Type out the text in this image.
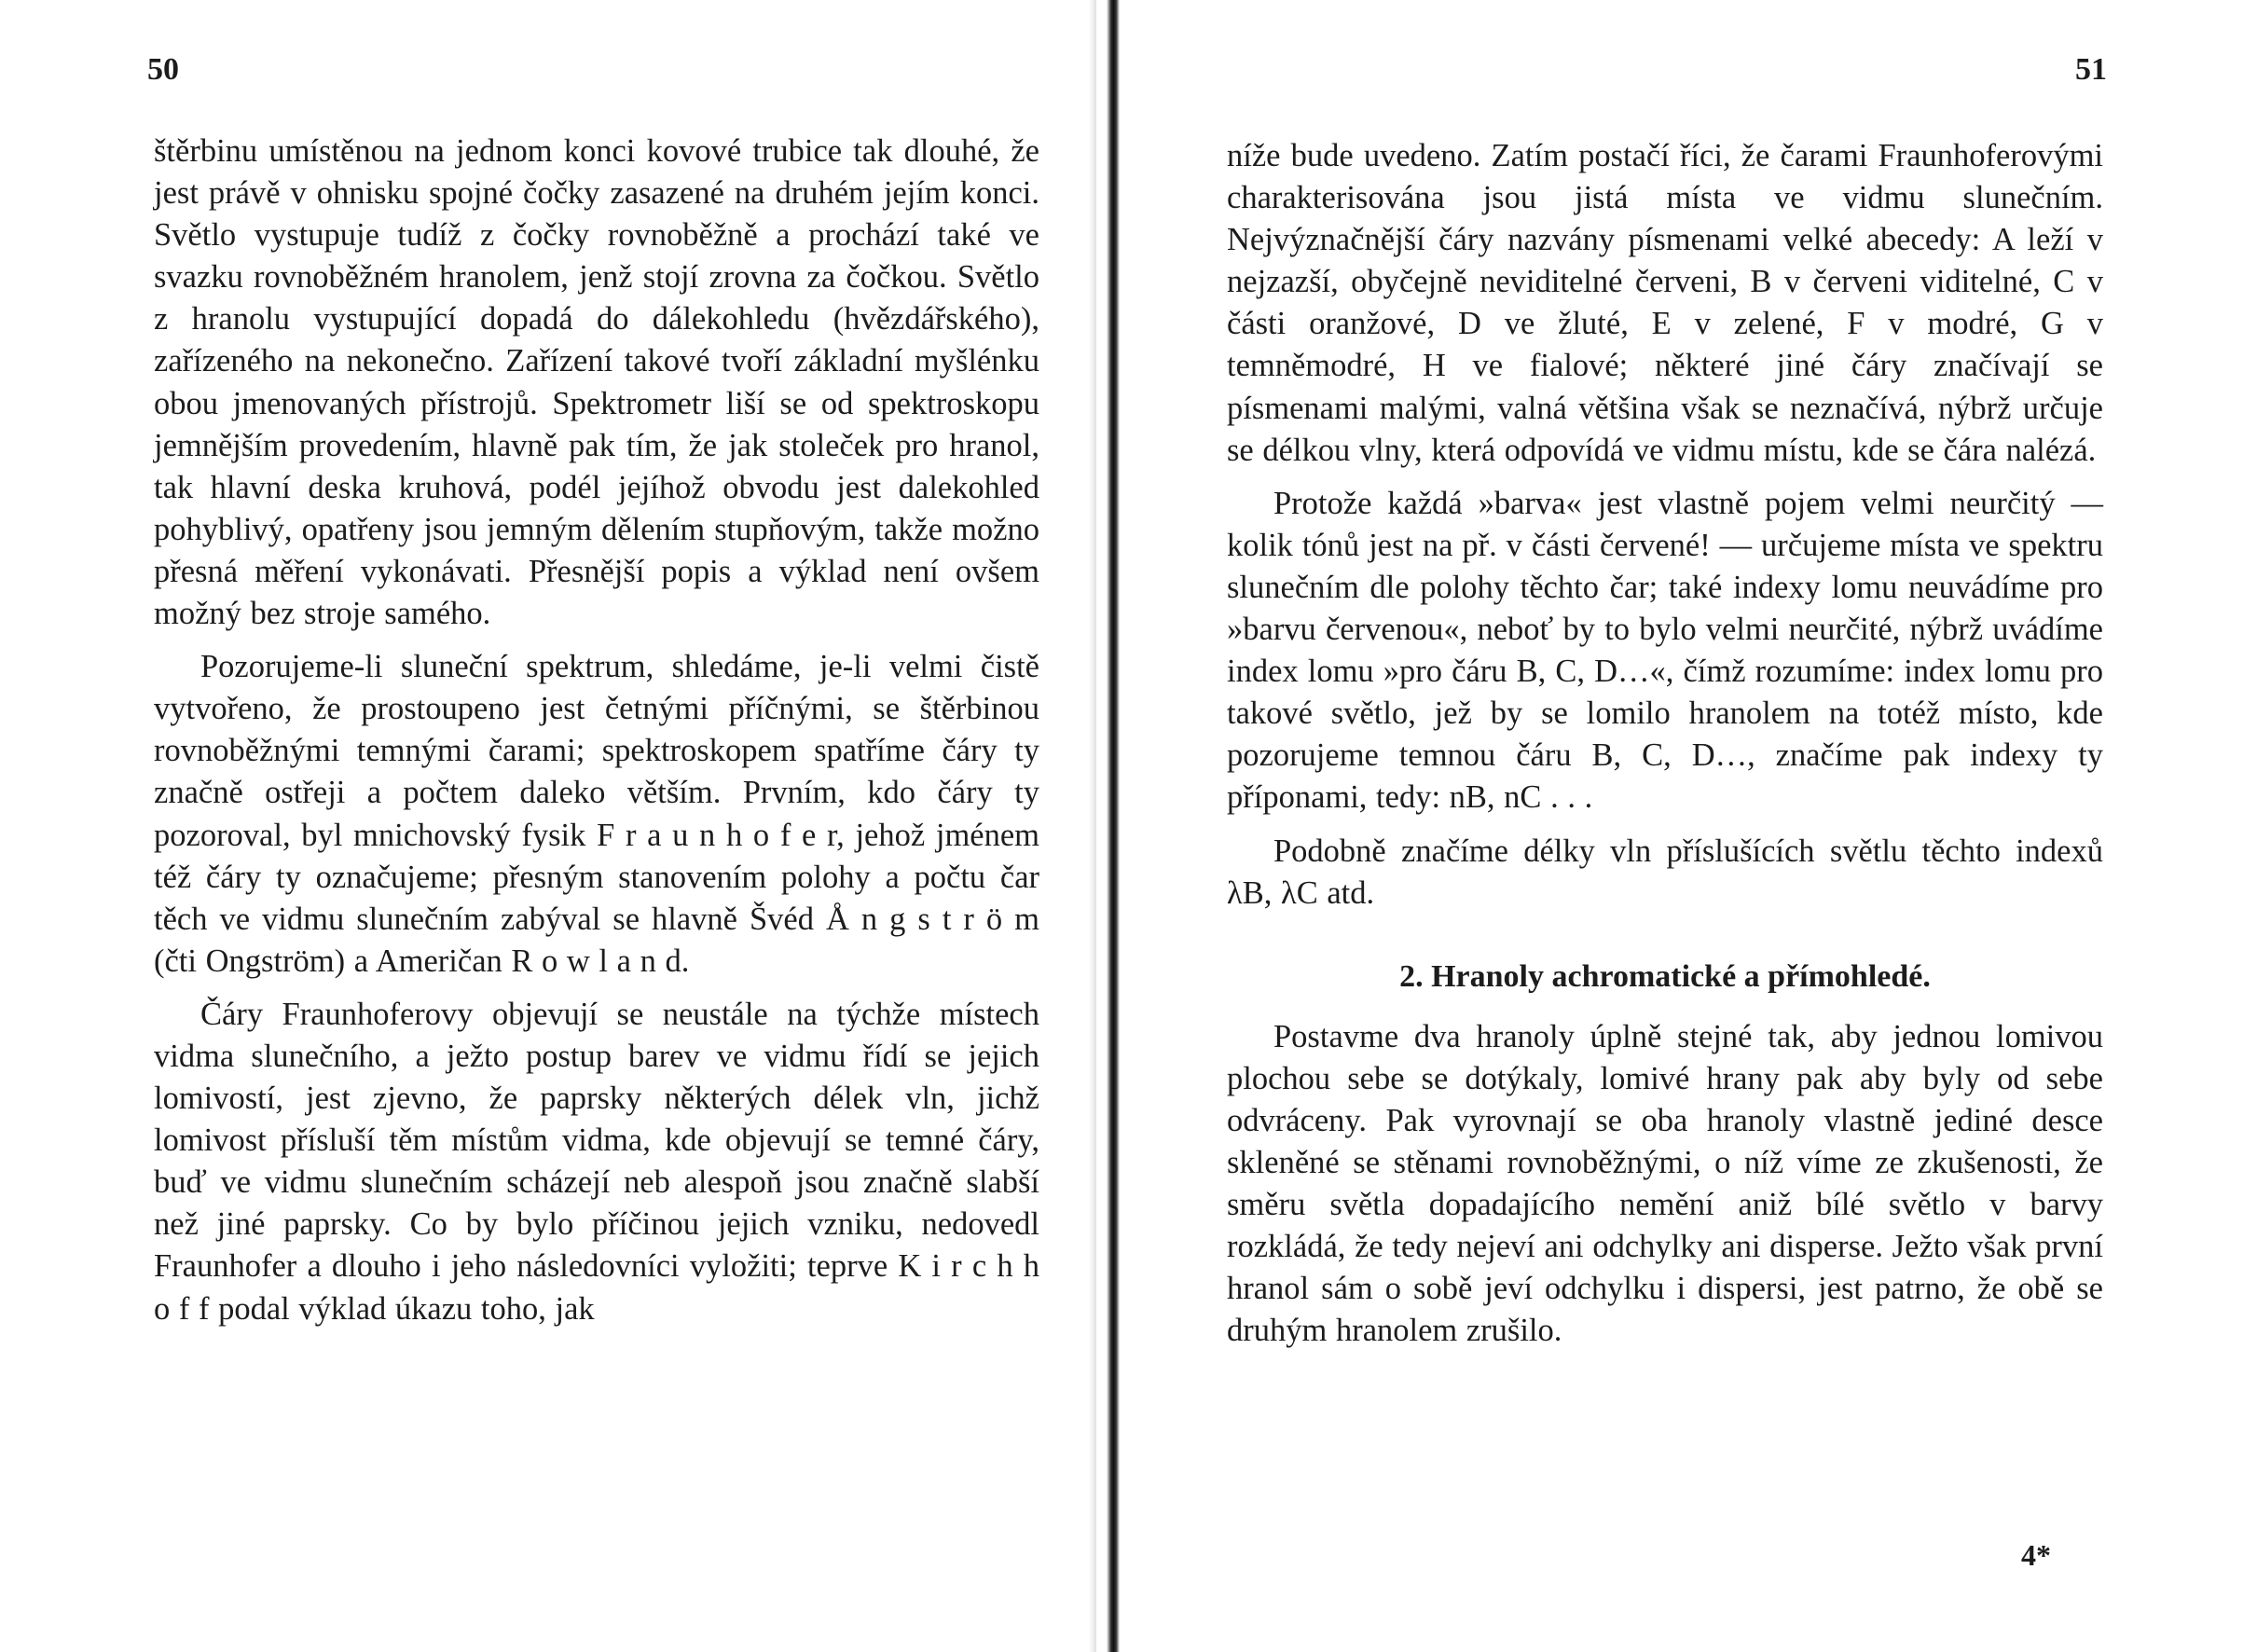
50

štěrbinu umístěnou na jednom konci kovové trubice tak dlouhé, že jest právě v ohnisku spojné čočky zasazené na druhém jejím konci. Světlo vystupuje tudíž z čočky rovnoběžně a prochází také ve svazku rovnoběžném hranolem, jenž stojí zrovna za čočkou. Světlo z hranolu vystupující dopadá do dálekohledu (hvězdářského), zařízeného na nekonečno. Zařízení takové tvoří základní myšlénku obou jmenovaných přístrojů. Spektrometr liší se od spektroskopu jemnějším provedením, hlavně pak tím, že jak stoleček pro hranol, tak hlavní deska kruhová, podél jejíhož obvodu jest dalekohled pohyblivý, opatřeny jsou jemným dělením stupňovým, takže možno přesná měření vykonávati. Přesnější popis a výklad není ovšem možný bez stroje samého.

Pozorujeme-li sluneční spektrum, shledáme, je-li velmi čistě vytvořeno, že prostoupeno jest četnými příčnými, se štěrbinou rovnoběžnými temnými čarami; spektroskopem spatříme čáry ty značně ostřeji a počtem daleko větším. Prvním, kdo čáry ty pozoroval, byl mnichovský fysik F r a u n h o f e r, jehož jménem též čáry ty označujeme; přesným stanovením polohy a počtu čar těch ve vidmu slunečním zabýval se hlavně Švéd Å n g s t r ö m (čti Ongström) a Američan R o w l a n d.

Čáry Fraunhoferovy objevují se neustále na týchže místech vidma slunečního, a ježto postup barev ve vidmu řídí se jejich lomivostí, jest zjevno, že paprsky některých délek vln, jichž lomivost přísluší těm místům vidma, kde objevují se temné čáry, buď ve vidmu slunečním scházejí neb alespoň jsou značně slabší než jiné paprsky. Co by bylo příčinou jejich vzniku, nedovedl Fraunhofer a dlouho i jeho následovníci vyložiti; teprve K i r c h h o f f podal výklad úkazu toho, jak

51

níže bude uvedeno. Zatím postačí říci, že čarami Fraunhoferovými charakterisována jsou jistá místa ve vidmu slunečním. Nejvýznačnější čáry nazvány písmenami velké abecedy: A leží v nejzazší, obyčejně neviditelné červeni, B v červeni viditelné, C v části oranžové, D ve žluté, E v zelené, F v modré, G v temněmodré, H ve fialové; některé jiné čáry značívají se písmenami malými, valná většina však se neznačívá, nýbrž určuje se délkou vlny, která odpovídá ve vidmu místu, kde se čára nalézá.

Protože každá »barva« jest vlastně pojem velmi neurčitý — kolik tónů jest na př. v části červené! — určujeme místa ve spektru slunečním dle polohy těchto čar; také indexy lomu neuvádíme pro »barvu červenou«, neboť by to bylo velmi neurčité, nýbrž uvádíme index lomu »pro čáru B, C, D…«, čímž rozumíme: index lomu pro takové světlo, jež by se lomilo hranolem na totéž místo, kde pozorujeme temnou čáru B, C, D…, značíme pak indexy ty příponami, tedy: nB, nC . . .

Podobně značíme délky vln příslušících světlu těchto indexů λB, λC atd.

2. Hranoly achromatické a přímohledé.

Postavme dva hranoly úplně stejné tak, aby jednou lomivou plochou sebe se dotýkaly, lomivé hrany pak aby byly od sebe odvráceny. Pak vyrovnají se oba hranoly vlastně jediné desce skleněné se stěnami rovnoběžnými, o níž víme ze zkušenosti, že směru světla dopadajícího nemění aniž bílé světlo v barvy rozkládá, že tedy nejeví ani odchylky ani disperse. Ježto však první hranol sám o sobě jeví odchylku i dispersi, jest patrno, že obě se druhým hranolem zrušilo.

4*
